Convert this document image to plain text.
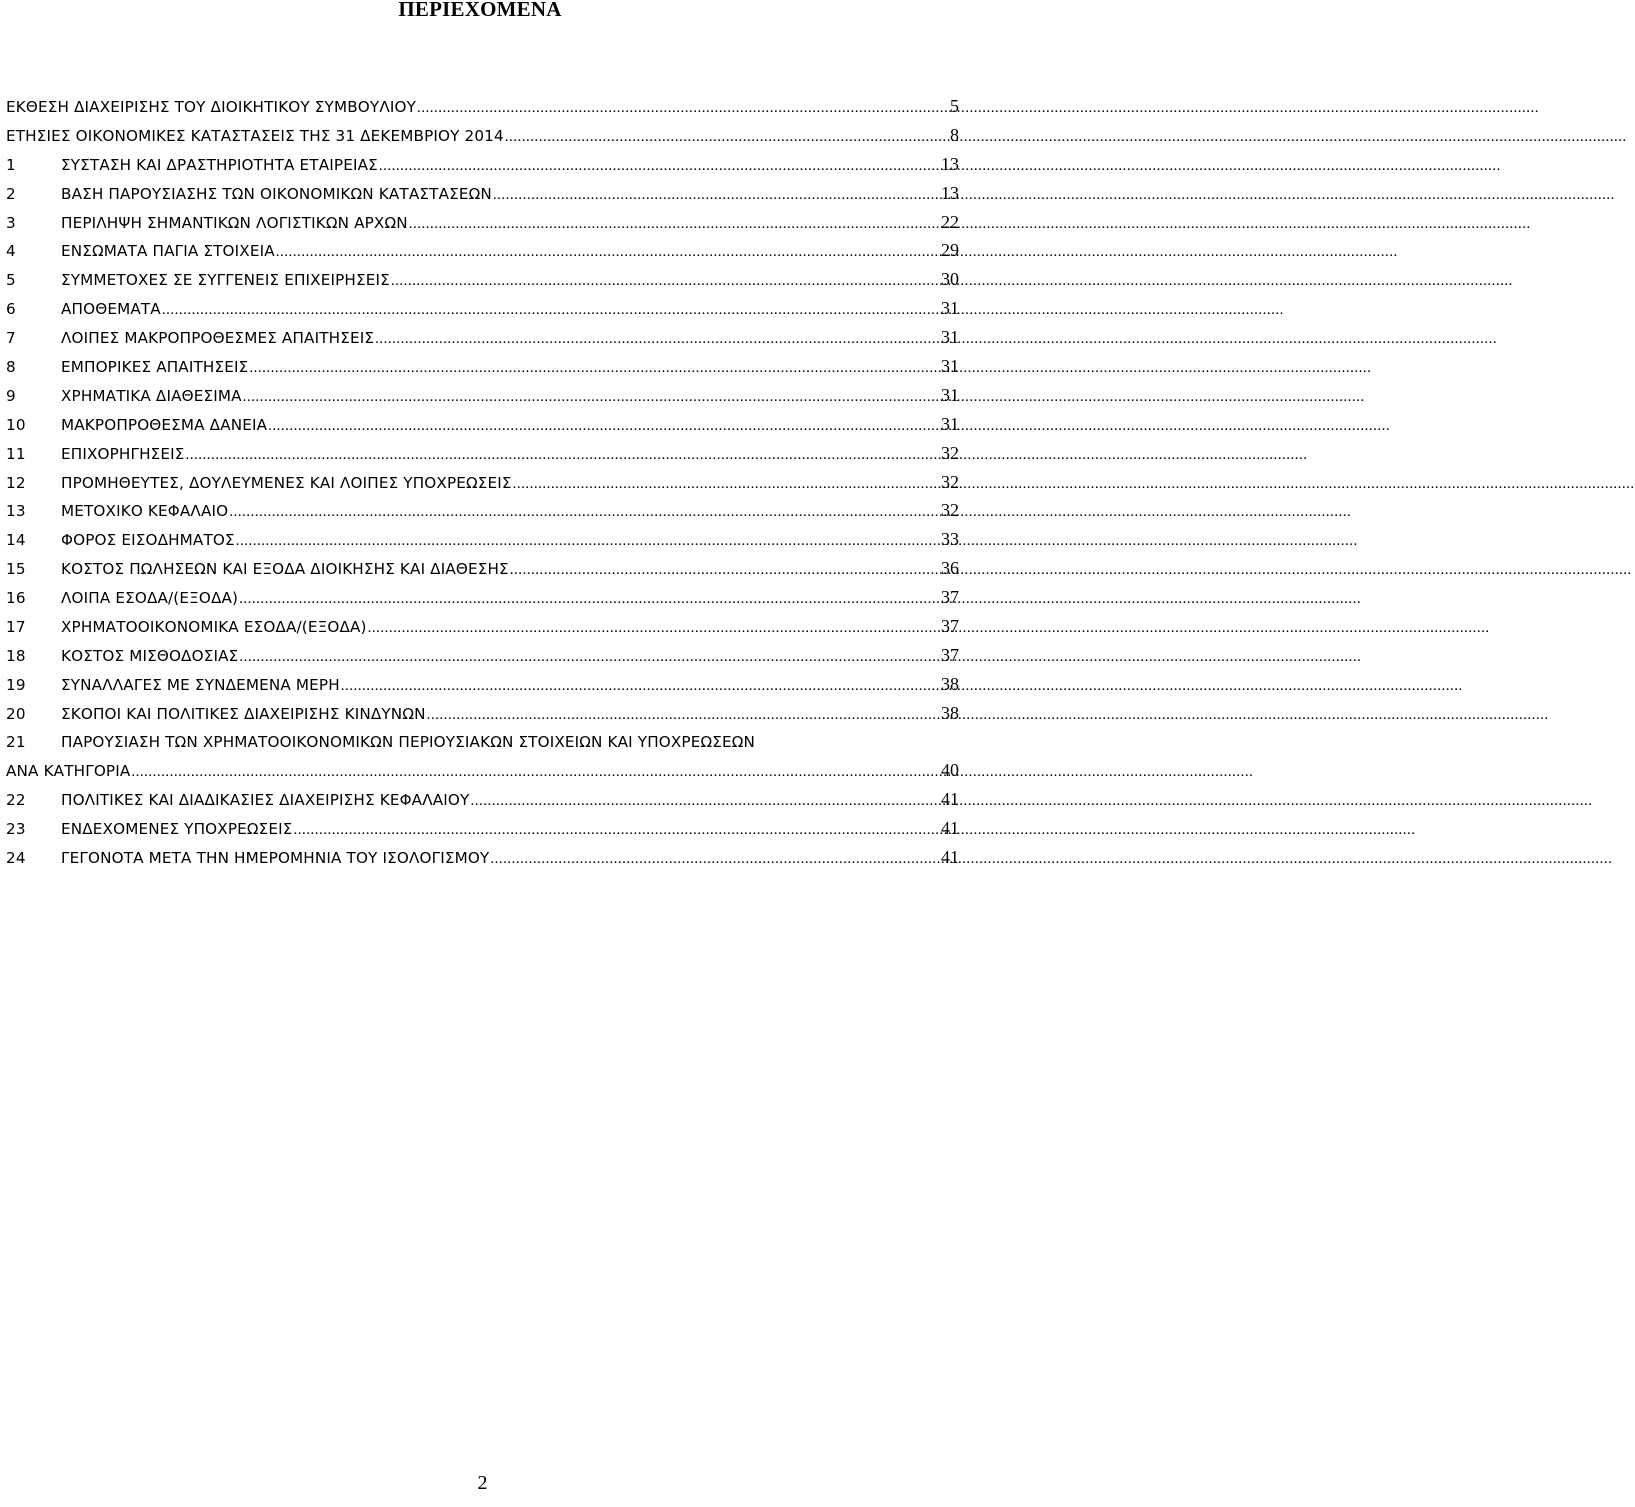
ΠΕΡΙΕΧΟΜΕΝΑ
ΕΚΘΕΣΗ ΔΙΑΧΕΙΡΙΣΗΣ ΤΟΥ ΔΙΟΙΚΗΤΙΚΟΥ ΣΥΜΒΟΥΛΙΟΥ .....	5
ΕΤΗΣΙΕΣ ΟΙΚΟΝΟΜΙΚΕΣ ΚΑΤΑΣΤΑΣΕΙΣ ΤΗΣ 31 ΔΕΚΕΜΒΡΙΟΥ 2014 .....	8
1	ΣΥΣΤΑΣΗ ΚΑΙ ΔΡΑΣΤΗΡΙΟΤΗΤΑ ΕΤΑΙΡΕΙΑΣ .....	13
2	ΒΑΣΗ ΠΑΡΟΥΣΙΑΣΗΣ ΤΩΝ ΟΙΚΟΝΟΜΙΚΩΝ ΚΑΤΑΣΤΑΣΕΩΝ .....	13
3	ΠΕΡΙΛΗΨΗ ΣΗΜΑΝΤΙΚΩΝ ΛΟΓΙΣΤΙΚΩΝ ΑΡΧΩΝ .....	22
4	ΕΝΣΩΜΑΤΑ ΠΑΓΙΑ ΣΤΟΙΧΕΙΑ .....	29
5	ΣΥΜΜΕΤΟΧΕΣ ΣΕ ΣΥΓΓΕΝΕΙΣ ΕΠΙΧΕΙΡΗΣΕΙΣ .....	30
6	ΑΠΟΘΕΜΑΤΑ .....	31
7	ΛΟΙΠΕΣ ΜΑΚΡΟΠΡΟΘΕΣΜΕΣ ΑΠΑΙΤΗΣΕΙΣ .....	31
8	ΕΜΠΟΡΙΚΕΣ ΑΠΑΙΤΗΣΕΙΣ .....	31
9	ΧΡΗΜΑΤΙΚΑ ΔΙΑΘΕΣΙΜΑ .....	31
10	ΜΑΚΡΟΠΡΟΘΕΣΜΑ ΔΑΝΕΙΑ .....	31
11	ΕΠΙΧΟΡΗΓΗΣΕΙΣ .....	32
12	ΠΡΟΜΗΘΕΥΤΕΣ, ΔΟΥΛΕΥΜΕΝΕΣ ΚΑΙ ΛΟΙΠΕΣ ΥΠΟΧΡΕΩΣΕΙΣ .....	32
13	ΜΕΤΟΧΙΚΟ ΚΕΦΑΛΑΙΟ .....	32
14	ΦΟΡΟΣ ΕΙΣΟΔΗΜΑΤΟΣ .....	33
15	ΚΟΣΤΟΣ ΠΩΛΗΣΕΩΝ ΚΑΙ ΕΞΟΔΑ ΔΙΟΙΚΗΣΗΣ ΚΑΙ ΔΙΑΘΕΣΗΣ .....	36
16	ΛΟΙΠΑ ΕΣΟΔΑ/(ΕΞΟΔΑ) .....	37
17	ΧΡΗΜΑΤΟΟΙΚΟΝΟΜΙΚΑ ΕΣΟΔΑ/(ΕΞΟΔΑ) .....	37
18	ΚΟΣΤΟΣ ΜΙΣΘΟΔΟΣΙΑΣ .....	37
19	ΣΥΝΑΛΛΑΓΕΣ ΜΕ ΣΥΝΔΕΜΕΝΑ ΜΕΡΗ .....	38
20	ΣΚΟΠΟΙ ΚΑΙ ΠΟΛΙΤΙΚΕΣ ΔΙΑΧΕΙΡΙΣΗΣ ΚΙΝΔΥΝΩΝ .....	38
21 ΠΑΡΟΥΣΙΑΣΗ ΤΩΝ ΧΡΗΜΑΤΟΟΙΚΟΝΟΜΙΚΩΝ ΠΕΡΙΟΥΣΙΑΚΩΝ ΣΤΟΙΧΕΙΩΝ ΚΑΙ ΥΠΟΧΡΕΩΣΕΩΝ
ΑΝΑ ΚΑΤΗΓΟΡΙΑ .....	40
22	ΠΟΛΙΤΙΚΕΣ ΚΑΙ ΔΙΑΔΙΚΑΣΙΕΣ ΔΙΑΧΕΙΡΙΣΗΣ ΚΕΦΑΛΑΙΟΥ .....	41
23	ΕΝΔΕΧΟΜΕΝΕΣ ΥΠΟΧΡΕΩΣΕΙΣ .....	41
24	ΓΕΓΟΝΟΤΑ ΜΕΤΑ ΤΗΝ ΗΜΕΡΟΜΗΝΙΑ ΤΟΥ ΙΣΟΛΟΓΙΣΜΟΥ .....	41
2
